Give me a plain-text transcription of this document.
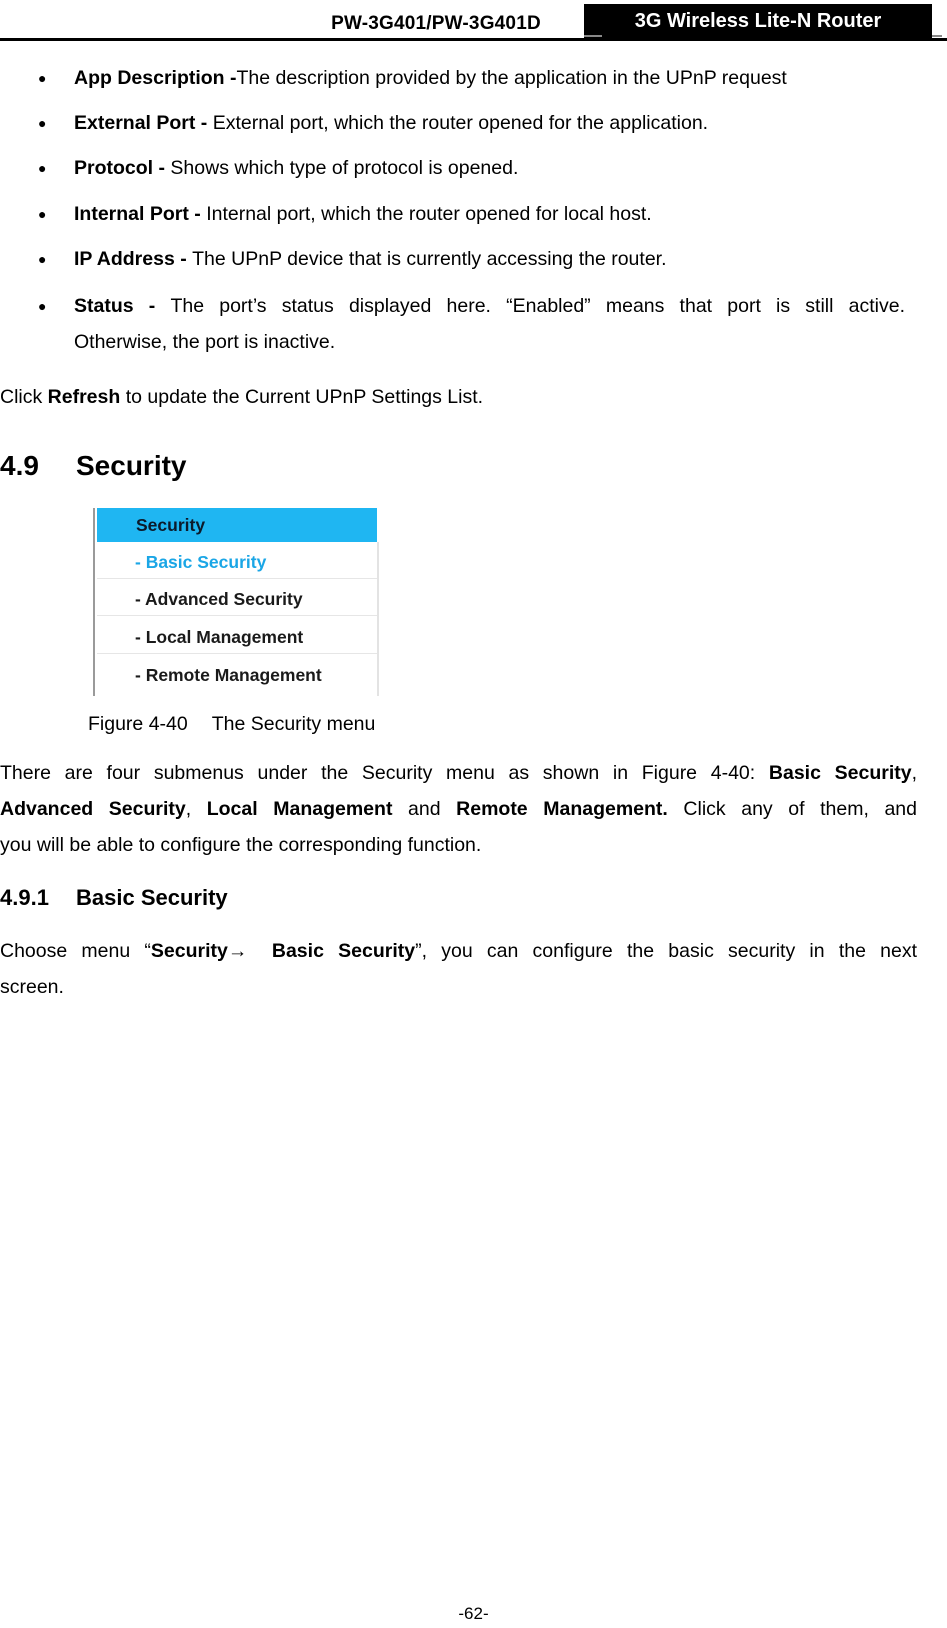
PW-3G401/PW-3G401D	3G Wireless Lite-N Router
● App Description -The description provided by the application in the UPnP request
● External Port - External port, which the router opened for the application.
● Protocol - Shows which type of protocol is opened.
● Internal Port - Internal port, which the router opened for local host.
● IP Address - The UPnP device that is currently accessing the router.
● Status - The port’s status displayed here. “Enabled” means that port is still active.
Otherwise, the port is inactive.
Click Refresh to update the Current UPnP Settings List.
4.9 Security
Security
- Basic Security
- Advanced Security
- Local Management
- Remote Management
Figure 4-40 The Security menu
There are four submenus under the Security menu as shown in Figure 4-40: Basic Security,
Advanced Security, Local Management and Remote Management. Click any of them, and
you will be able to configure the corresponding function.
4.9.1 Basic Security
Choose menu “Security→ Basic Security”, you can configure the basic security in the next
screen.
-62-
